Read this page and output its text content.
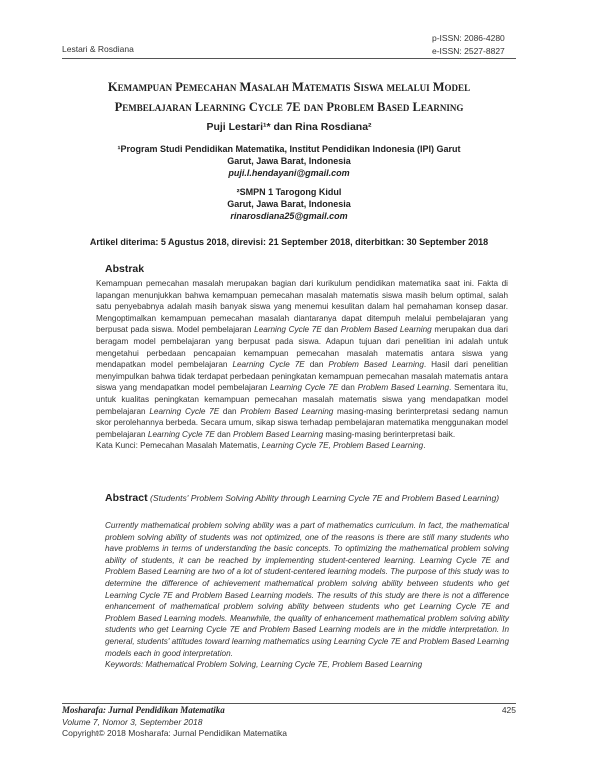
Lestari & Rosdiana
p-ISSN: 2086-4280
e-ISSN: 2527-8827
Kemampuan Pemecahan Masalah Matematis Siswa melalui Model
Pembelajaran Learning Cycle 7E dan Problem Based Learning
Puji Lestari¹* dan Rina Rosdiana²
¹Program Studi Pendidikan Matematika, Institut Pendidikan Indonesia (IPI) Garut
Garut, Jawa Barat, Indonesia
puji.l.hendayani@gmail.com
²SMPN 1 Tarogong Kidul
Garut, Jawa Barat, Indonesia
rinarosdiana25@gmail.com
Artikel diterima: 5 Agustus 2018, direvisi: 21 September 2018, diterbitkan: 30 September 2018
Abstrak
Kemampuan pemecahan masalah merupakan bagian dari kurikulum pendidikan matematika saat ini. Fakta di lapangan menunjukkan bahwa kemampuan pemecahan masalah matematis siswa masih belum optimal, salah satu penyebabnya adalah masih banyak siswa yang menemui kesulitan dalam hal pemahaman konsep dasar. Mengoptimalkan kemampuan pemecahan masalah diantaranya dapat ditempuh melalui pembelajaran yang berpusat pada siswa. Model pembelajaran Learning Cycle 7E dan Problem Based Learning merupakan dua dari beragam model pembelajaran yang berpusat pada siswa. Adapun tujuan dari penelitian ini adalah untuk mengetahui perbedaan pencapaian kemampuan pemecahan masalah matematis antara siswa yang mendapatkan model pembelajaran Learning Cycle 7E dan Problem Based Learning. Hasil dari penelitian menyimpulkan bahwa tidak terdapat perbedaan peningkatan kemampuan pemecahan masalah matematis antara siswa yang mendapatkan model pembelajaran Learning Cycle 7E dan Problem Based Learning. Sementara itu, untuk kualitas peningkatan kemampuan pemecahan masalah matematis siswa yang mendapatkan model pembelajaran Learning Cycle 7E dan Problem Based Learning masing-masing berinterpretasi sedang namun skor perolehannya berbeda. Secara umum, sikap siswa terhadap pembelajaran matematika menggunakan model pembelajaran Learning Cycle 7E dan Problem Based Learning masing-masing berinterpretasi baik.
Kata Kunci: Pemecahan Masalah Matematis, Learning Cycle 7E, Problem Based Learning.
Abstract (Students' Problem Solving Ability through Learning Cycle 7E and Problem Based Learning)
Currently mathematical problem solving ability was a part of mathematics curriculum. In fact, the mathematical problem solving ability of students was not optimized, one of the reasons is there are still many students who have problems in terms of understanding the basic concepts. To optimizing the mathematical problem solving ability of students, it can be reached by implementing student-centered learning. Learning Cycle 7E and Problem Based Learning are two of a lot of student-centered learning models. The purpose of this study was to determine the difference of achievement mathematical problem solving ability between students who get Learning Cycle 7E and Problem Based Learning models. The results of this study are there is not a difference enhancement of mathematical problem solving ability between students who get Learning Cycle 7E and Problem Based Learning models. Meanwhile, the quality of enhancement mathematical problem solving ability students who get Learning Cycle 7E and Problem Based Learning models are in the middle interpretation. In general, students' attitudes toward learning mathematics using Learning Cycle 7E and Problem Based Learning models each in good interpretation.
Keywords: Mathematical Problem Solving, Learning Cycle 7E, Problem Based Learning
Mosharafa: Jurnal Pendidikan Matematika
Volume 7, Nomor 3, September 2018
Copyright© 2018 Mosharafa: Jurnal Pendidikan Matematika
425
